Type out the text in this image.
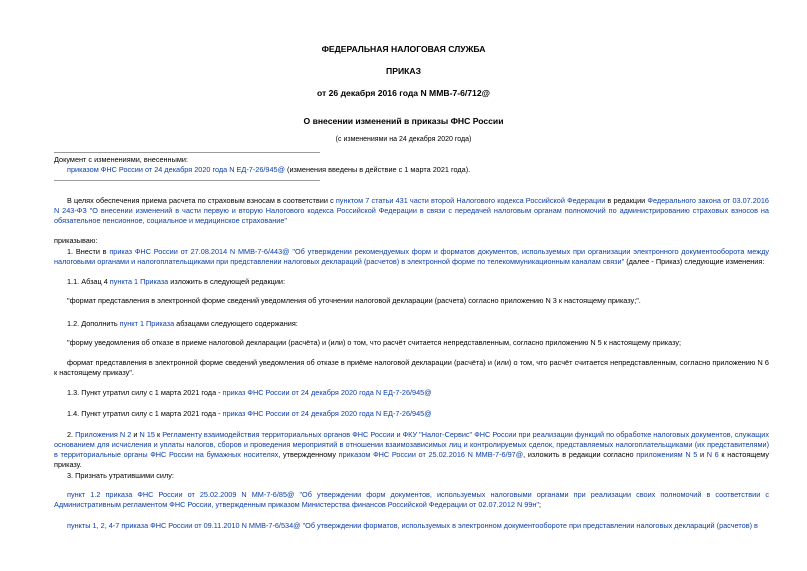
ФЕДЕРАЛЬНАЯ НАЛОГОВАЯ СЛУЖБА
ПРИКАЗ
от 26 декабря 2016 года N ММВ-7-6/712@
О внесении изменений в приказы ФНС России
(с изменениями на 24 декабря 2020 года)
Документ с изменениями, внесенными:
приказом ФНС России от 24 декабря 2020 года N ЕД-7-26/945@ (изменения введены в действие с 1 марта 2021 года).
В целях обеспечения приема расчета по страховым взносам в соответствии с пунктом 7 статьи 431 части второй Налогового кодекса Российской Федерации в редакции Федерального закона от 03.07.2016 N 243-ФЗ "О внесении изменений в части первую и вторую Налогового кодекса Российской Федерации в связи с передачей налоговым органам полномочий по администрированию страховых взносов на обязательное пенсионное, социальное и медицинское страхование"
приказываю:
1. Внести в приказ ФНС России от 27.08.2014 N ММВ-7-6/443@ "Об утверждении рекомендуемых форм и форматов документов, используемых при организации электронного документооборота между налоговыми органами и налогоплательщиками при представлении налоговых деклараций (расчетов) в электронной форме по телекоммуникационным каналам связи" (далее - Приказ) следующие изменения:
1.1. Абзац 4 пункта 1 Приказа изложить в следующей редакции:
"формат представления в электронной форме сведений уведомления об уточнении налоговой декларации (расчета) согласно приложению N 3 к настоящему приказу;".
1.2. Дополнить пункт 1 Приказа абзацами следующего содержания:
"форму уведомления об отказе в приеме налоговой декларации (расчёта) и (или) о том, что расчёт считается непредставленным, согласно приложению N 5 к настоящему приказу;
формат представления в электронной форме сведений уведомления об отказе в приёме налоговой декларации (расчёта) и (или) о том, что расчёт считается непредставленным, согласно приложению N 6 к настоящему приказу".
1.3. Пункт утратил силу с 1 марта 2021 года - приказ ФНС России от 24 декабря 2020 года N ЕД-7-26/945@
1.4. Пункт утратил силу с 1 марта 2021 года - приказ ФНС России от 24 декабря 2020 года N ЕД-7-26/945@
2. Приложения N 2 и N 15 к Регламенту взаимодействия территориальных органов ФНС России и ФКУ "Налог-Сервис" ФНС России при реализации функций по обработке налоговых документов, служащих основанием для исчисления и уплаты налогов, сборов и проведения мероприятий в отношении взаимозависимых лиц и контролируемых сделок, представляемых налогоплательщиками (их представителями) в территориальные органы ФНС России на бумажных носителях, утвержденному приказом ФНС России от 25.02.2016 N ММВ-7-6/97@, изложить в редакции согласно приложениям N 5 и N 6 к настоящему приказу.
3. Признать утратившими силу:
пункт 1.2 приказа ФНС России от 25.02.2009 N ММ-7-6/85@ "Об утверждении форм документов, используемых налоговыми органами при реализации своих полномочий в соответствии с Административным регламентом ФНС России, утвержденным приказом Министерства финансов Российской Федерации от 02.07.2012 N 99н";
пункты 1, 2, 4-7 приказа ФНС России от 09.11.2010 N ММВ-7-6/534@ "Об утверждении форматов, используемых в электронном документообороте при представлении налоговых деклараций (расчетов) в
